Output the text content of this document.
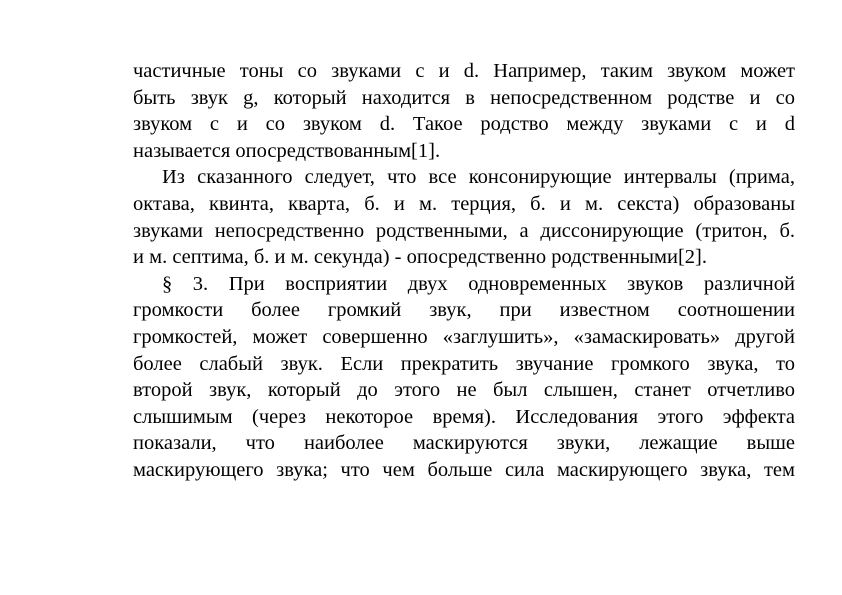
частичные тоны со звуками с и d. Например, таким звуком может
быть звук g, который находится в непосредственном родстве и со
звуком с и со звуком d. Такое родство между звуками с и d
называется опосредствованным[1].
Из сказанного следует, что все консонирующие интервалы (прима,
октава, квинта, кварта, б. и м. терция, б. и м. секста) образованы
звуками непосредственно родственными, а диссонирующие (тритон, б.
и м. септима, б. и м. секунда) - опосредственно родственными[2].
§ 3. При восприятии двух одновременных звуков различной
громкости более громкий звук, при известном соотношении
громкостей, может совершенно «заглушить», «замаскировать» другой
более слабый звук. Если прекратить звучание громкого звука, то
второй звук, который до этого не был слышен, станет отчетливо
слышимым (через некоторое время). Исследования этого эффекта
показали, что наиболее маскируются звуки, лежащие выше
маскирующего звука; что чем больше сила маскирующего звука, тем
